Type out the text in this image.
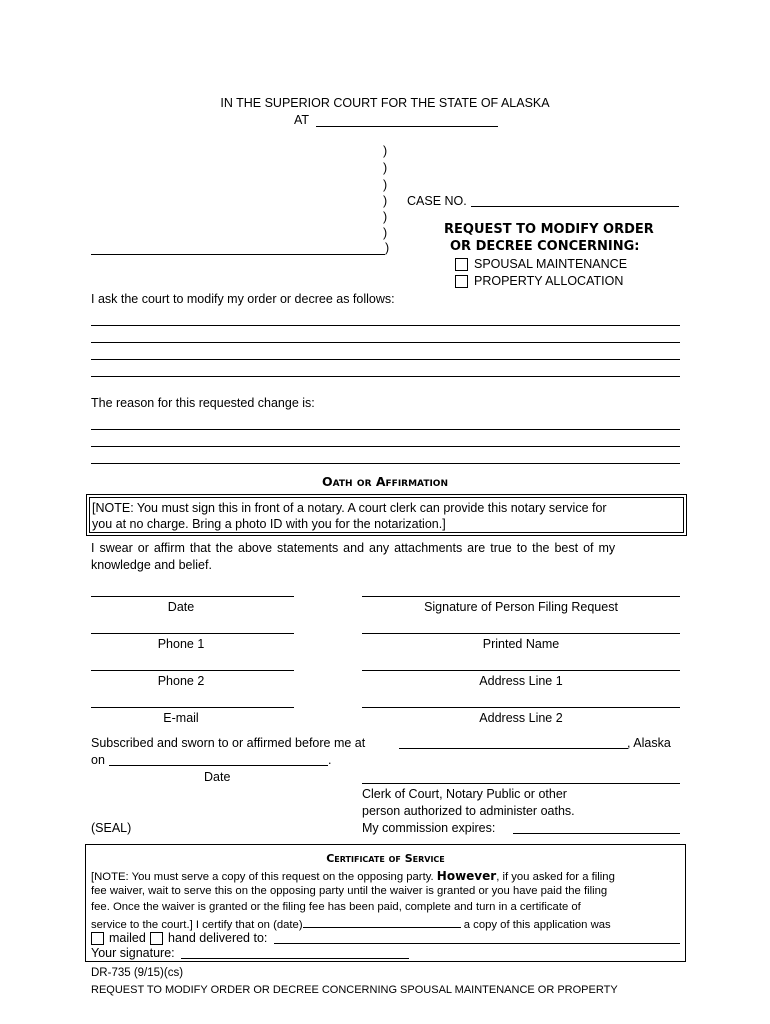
IN THE SUPERIOR COURT FOR THE STATE OF ALASKA
AT
)
)
)
)
)
)
)
CASE NO.
REQUEST TO MODIFY ORDER
OR DECREE CONCERNING:
SPOUSAL MAINTENANCE
PROPERTY ALLOCATION
I ask the court to modify my order or decree as follows:
The reason for this requested change is:
Oath or Affirmation
[NOTE: You must sign this in front of a notary. A court clerk can provide this notary service for
you at no charge. Bring a photo ID with you for the notarization.]
I swear or affirm that the above statements and any attachments are true to the best of my
knowledge and belief.
Date	Signature of Person Filing Request
Phone 1	Printed Name
Phone 2	Address Line 1
E-mail	Address Line 2
Subscribed and sworn to or affirmed before me at	, Alaska
on	.
Date
Clerk of Court, Notary Public or other
person authorized to administer oaths.
(SEAL)	My commission expires:
Certificate of Service
[NOTE: You must serve a copy of this request on the opposing party. However, if you asked for a filing
fee waiver, wait to serve this on the opposing party until the waiver is granted or you have paid the filing
fee. Once the waiver is granted or the filing fee has been paid, complete and turn in a certificate of
service to the court.] I certify that on (date)	a copy of this application was
mailed hand delivered to:
Your signature:
DR-735 (9/15)(cs)
REQUEST TO MODIFY ORDER OR DECREE CONCERNING SPOUSAL MAINTENANCE OR PROPERTY
